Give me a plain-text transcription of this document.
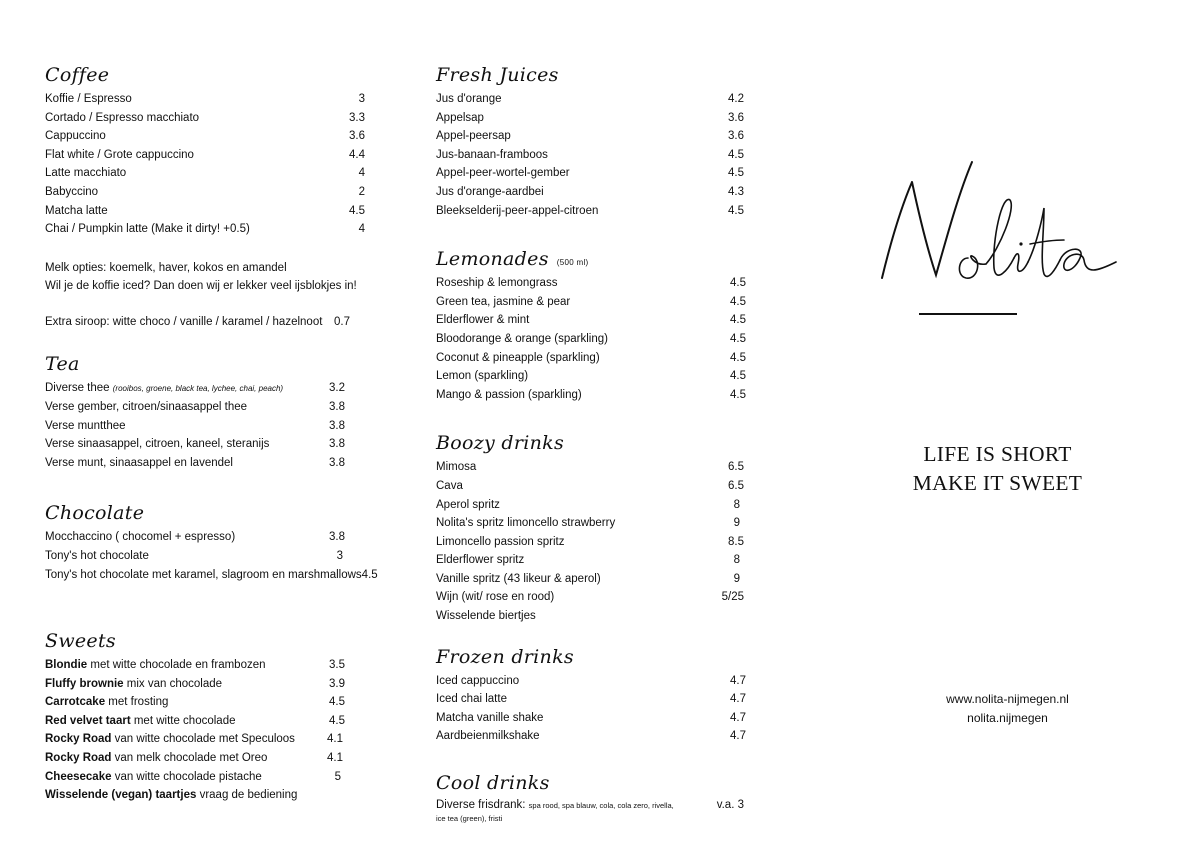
Coffee
Koffie / Espresso	3
Cortado / Espresso macchiato	3.3
Cappuccino	3.6
Flat white / Grote cappuccino	4.4
Latte macchiato	4
Babyccino	2
Matcha latte	4.5
Chai / Pumpkin latte (Make it dirty! +0.5)	4
Melk opties: koemelk, haver, kokos en amandel
Wil je de koffie iced? Dan doen wij er lekker veel ijsblokjes in!
Extra siroop: witte choco / vanille / karamel / hazelnoot	0.7
Tea
Diverse thee (rooibos, groene, black tea, lychee, chai, peach)	3.2
Verse gember, citroen/sinaasappel thee	3.8
Verse muntthee	3.8
Verse sinaasappel, citroen, kaneel, steranijs	3.8
Verse munt, sinaasappel en lavendel	3.8
Chocolate
Mocchaccino ( chocomel + espresso)	3.8
Tony's hot chocolate	3
Tony's hot chocolate met karamel, slagroom en marshmallows 4.5
Sweets
Blondie met witte chocolade en frambozen	3.5
Fluffy brownie mix van chocolade	3.9
Carrotcake met frosting	4.5
Red velvet taart met witte chocolade	4.5
Rocky Road van witte chocolade met Speculoos	4.1
Rocky Road van melk chocolade met Oreo	4.1
Cheesecake van witte chocolade pistache	5
Wisselende (vegan) taartjes vraag de bediening
Fresh Juices
Jus d'orange	4.2
Appelsap	3.6
Appel-peersap	3.6
Jus-banaan-framboos	4.5
Appel-peer-wortel-gember	4.5
Jus d'orange-aardbei	4.3
Bleekselderij-peer-appel-citroen	4.5
Lemonades (500 ml)
Roseship & lemongrass	4.5
Green tea, jasmine & pear	4.5
Elderflower & mint	4.5
Bloodorange & orange (sparkling)	4.5
Coconut & pineapple (sparkling)	4.5
Lemon (sparkling)	4.5
Mango & passion (sparkling)	4.5
Boozy drinks
Mimosa	6.5
Cava	6.5
Aperol spritz	8
Nolita's spritz limoncello strawberry	9
Limoncello passion spritz	8.5
Elderflower spritz	8
Vanille spritz (43 likeur & aperol)	9
Wijn (wit/ rose en rood)	5/25
Wisselende biertjes
Frozen drinks
Iced cappuccino	4.7
Iced chai latte	4.7
Matcha vanille shake	4.7
Aardbeienmilkshake	4.7
Cool drinks
Diverse frisdrank: spa rood, spa blauw, cola, cola zero, rivella,	v.a. 3
ice tea (green), fristi
LIFE IS SHORT
MAKE IT SWEET
www.nolita-nijmegen.nl
nolita.nijmegen
